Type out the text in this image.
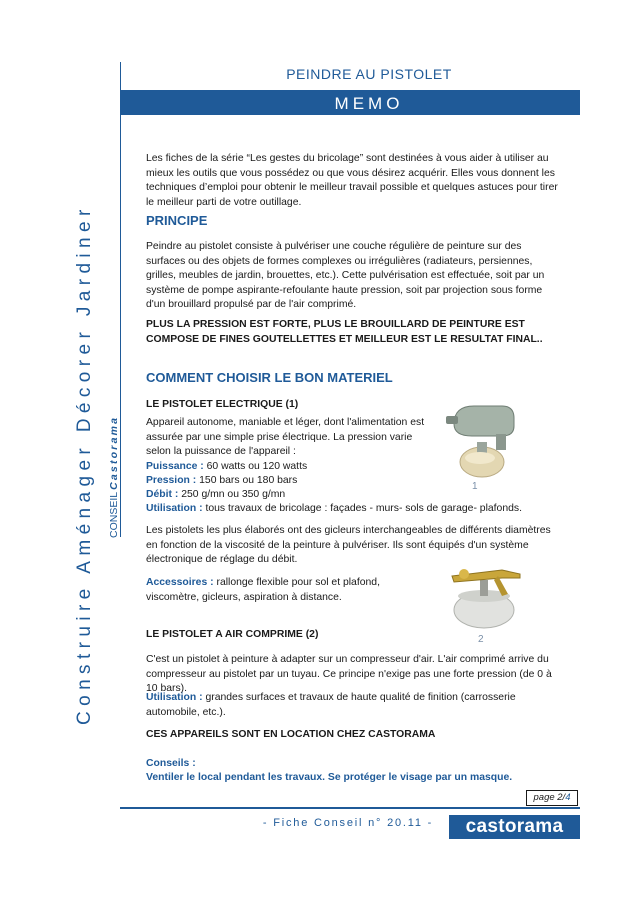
Construire Aménager Décorer Jardiner CONSEILCastorama
PEINDRE AU PISTOLET
MEMO

Les fiches de la série “Les gestes du bricolage” sont destinées à vous aider à utiliser au mieux les outils que vous possédez ou que vous désirez acquérir. Elles vous donnent les techniques d’emploi pour obtenir le meilleur travail possible et quelques astuces pour tirer le meilleur parti de votre outillage.

PRINCIPE

Peindre au pistolet consiste à pulvériser une couche régulière de peinture sur des surfaces ou des objets de formes complexes ou irrégulières (radiateurs, persiennes, grilles, meubles de jardin, brouettes, etc.). Cette pulvérisation est effectuée, soit par un système de pompe aspirante-refoulante haute pression, soit par projection sous forme d'un brouillard propulsé par de l'air comprimé.

PLUS LA PRESSION EST FORTE, PLUS LE BROUILLARD DE PEINTURE EST COMPOSE DE FINES GOUTELLETTES ET MEILLEUR EST LE RESULTAT FINAL..

COMMENT CHOISIR LE BON MATERIEL

LE PISTOLET ELECTRIQUE (1)

Appareil autonome, maniable et léger, dont l'alimentation est assurée par une simple prise électrique. La pression varie selon la puissance de l'appareil :

Puissance : 60 watts ou 120 watts

Pression : 150 bars ou 180 bars

Débit : 250 g/mn ou 350 g/mn

Utilisation : tous travaux de bricolage : façades - murs- sols de garage- plafonds.

1

Les pistolets les plus élaborés ont des gicleurs interchangeables de différents diamètres en fonction de la viscosité de la peinture à pulvériser. Ils sont équipés d'un système électronique de réglage du débit.

Accessoires : rallonge flexible pour sol et plafond, viscomètre, gicleurs, aspiration à distance.

2

LE PISTOLET A AIR COMPRIME (2)

C'est un pistolet à peinture à adapter sur un compresseur d'air. L'air comprimé arrive du compresseur au pistolet par un tuyau. Ce principe n'exige pas une forte pression (de 0 à 10 bars).

Utilisation : grandes surfaces et travaux de haute qualité de finition (carrosserie automobile, etc.).

CES APPAREILS SONT EN LOCATION CHEZ CASTORAMA

Conseils :

Ventiler le local pendant les travaux. Se protéger le visage par un masque.

page 2/4
- Fiche Conseil n° 20.11 -	castorama
